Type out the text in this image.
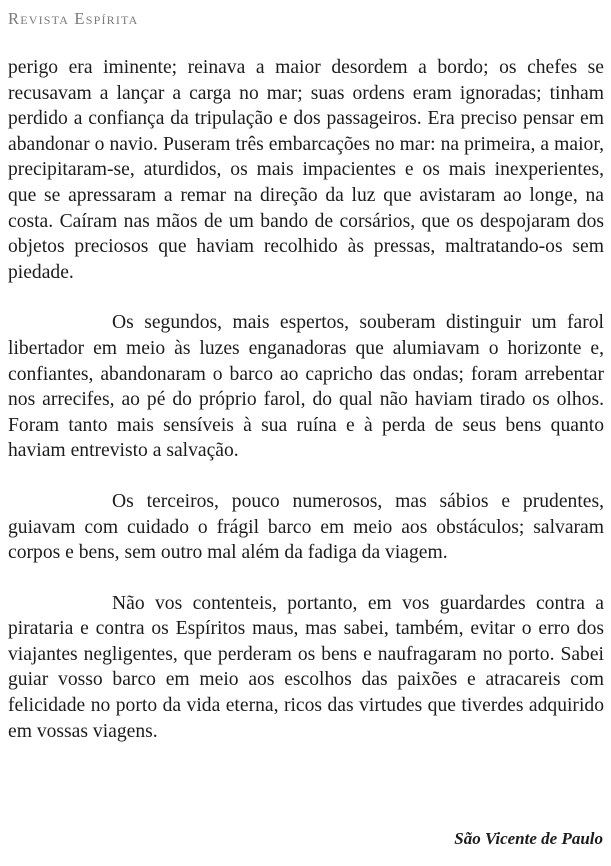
Revista Espírita

perigo era iminente; reinava a maior desordem a bordo; os chefes se recusavam a lançar a carga no mar; suas ordens eram ignoradas; tinham perdido a confiança da tripulação e dos passageiros. Era preciso pensar em abandonar o navio. Puseram três embarcações no mar: na primeira, a maior, precipitaram-se, aturdidos, os mais impacientes e os mais inexperientes, que se apressaram a remar na direção da luz que avistaram ao longe, na costa. Caíram nas mãos de um bando de corsários, que os despojaram dos objetos preciosos que haviam recolhido às pressas, maltratando-os sem piedade.

Os segundos, mais espertos, souberam distinguir um farol libertador em meio às luzes enganadoras que alumiavam o horizonte e, confiantes, abandonaram o barco ao capricho das ondas; foram arrebentar nos arrecifes, ao pé do próprio farol, do qual não haviam tirado os olhos. Foram tanto mais sensíveis à sua ruína e à perda de seus bens quanto haviam entrevisto a salvação.

Os terceiros, pouco numerosos, mas sábios e prudentes, guiavam com cuidado o frágil barco em meio aos obstáculos; salvaram corpos e bens, sem outro mal além da fadiga da viagem.

Não vos contenteis, portanto, em vos guardardes contra a pirataria e contra os Espíritos maus, mas sabei, também, evitar o erro dos viajantes negligentes, que perderam os bens e naufragaram no porto. Sabei guiar vosso barco em meio aos escolhos das paixões e atracareis com felicidade no porto da vida eterna, ricos das virtudes que tiverdes adquirido em vossas viagens.

São Vicente de Paulo
